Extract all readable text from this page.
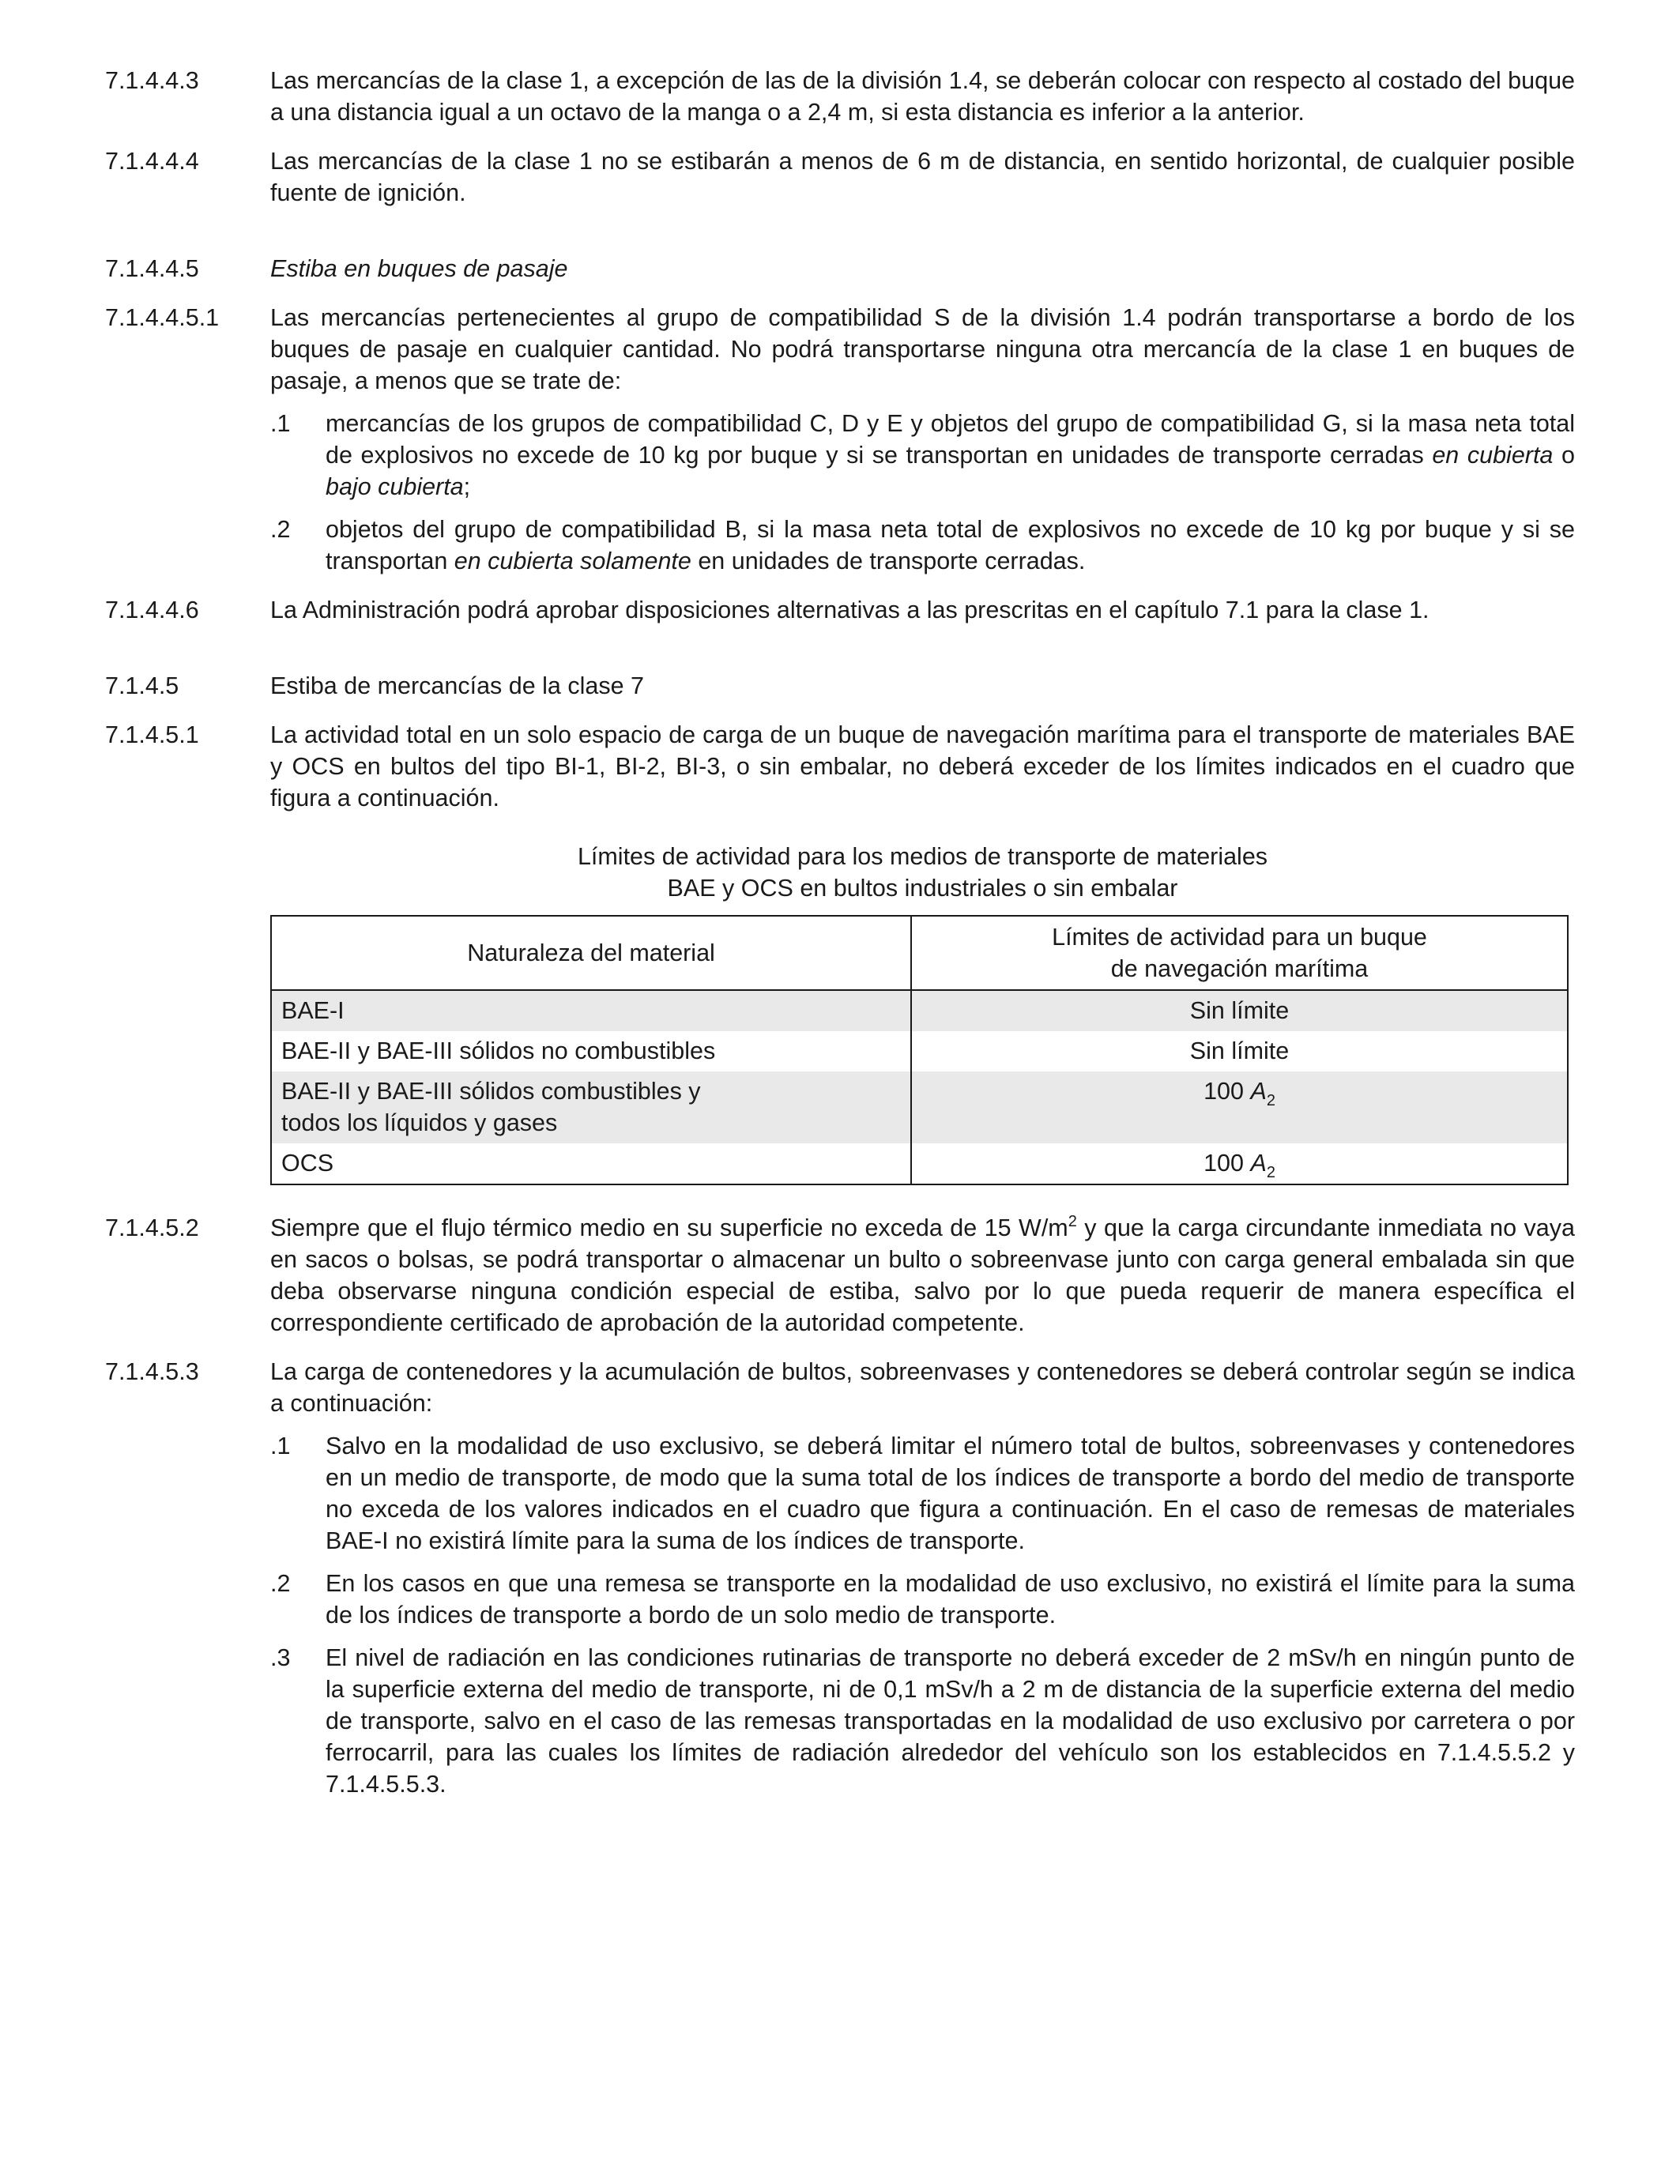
7.1.4.4.3	Las mercancías de la clase 1, a excepción de las de la división 1.4, se deberán colocar con respecto al costado del buque a una distancia igual a un octavo de la manga o a 2,4 m, si esta distancia es inferior a la anterior.
7.1.4.4.4	Las mercancías de la clase 1 no se estibarán a menos de 6 m de distancia, en sentido horizontal, de cualquier posible fuente de ignición.
7.1.4.4.5	Estiba en buques de pasaje
7.1.4.4.5.1	Las mercancías pertenecientes al grupo de compatibilidad S de la división 1.4 podrán transportarse a bordo de los buques de pasaje en cualquier cantidad. No podrá transportarse ninguna otra mercancía de la clase 1 en buques de pasaje, a menos que se trate de:
.1	mercancías de los grupos de compatibilidad C, D y E y objetos del grupo de compatibilidad G, si la masa neta total de explosivos no excede de 10 kg por buque y si se transportan en unidades de transporte cerradas en cubierta o bajo cubierta;
.2	objetos del grupo de compatibilidad B, si la masa neta total de explosivos no excede de 10 kg por buque y si se transportan en cubierta solamente en unidades de transporte cerradas.
7.1.4.4.6	La Administración podrá aprobar disposiciones alternativas a las prescritas en el capítulo 7.1 para la clase 1.
7.1.4.5	Estiba de mercancías de la clase 7
7.1.4.5.1	La actividad total en un solo espacio de carga de un buque de navegación marítima para el transporte de materiales BAE y OCS en bultos del tipo BI-1, BI-2, BI-3, o sin embalar, no deberá exceder de los límites indicados en el cuadro que figura a continuación.
Límites de actividad para los medios de transporte de materiales
BAE y OCS en bultos industriales o sin embalar
Naturaleza del material	Límites de actividad para un buque
de navegación marítima

BAE-I	Sin límite
BAE-II y BAE-III sólidos no combustibles	Sin límite

BAE-II y BAE-III sólidos combustibles y
todos los líquidos y gases	100 $A_2$
OCS	100 $A_2$
7.1.4.5.2	Siempre que el flujo térmico medio en su superficie no exceda de 15 $W/m^2$ y que la carga circundante inmediata no vaya en sacos o bolsas, se podrá transportar o almacenar un bulto o sobreenvase junto con carga general embalada sin que deba observarse ninguna condición especial de estiba, salvo por lo que pueda requerir de manera específica el correspondiente certificado de aprobación de la autoridad competente.
7.1.4.5.3	La carga de contenedores y la acumulación de bultos, sobreenvases y contenedores se deberá controlar según se indica a continuación:
.1	Salvo en la modalidad de uso exclusivo, se deberá limitar el número total de bultos, sobreenvases y contenedores en un medio de transporte, de modo que la suma total de los índices de transporte a bordo del medio de transporte no exceda de los valores indicados en el cuadro que figura a continuación. En el caso de remesas de materiales BAE-I no existirá límite para la suma de los índices de transporte.
.2	En los casos en que una remesa se transporte en la modalidad de uso exclusivo, no existirá el límite para la suma de los índices de transporte a bordo de un solo medio de transporte.
.3	El nivel de radiación en las condiciones rutinarias de transporte no deberá exceder de 2 mSv/h en ningún punto de la superficie externa del medio de transporte, ni de 0,1 mSv/h a 2 m de distancia de la superficie externa del medio de transporte, salvo en el caso de las remesas transportadas en la modalidad de uso exclusivo por carretera o por ferrocarril, para las cuales los límites de radiación alrededor del vehículo son los establecidos en 7.1.4.5.5.2 y 7.1.4.5.5.3.
